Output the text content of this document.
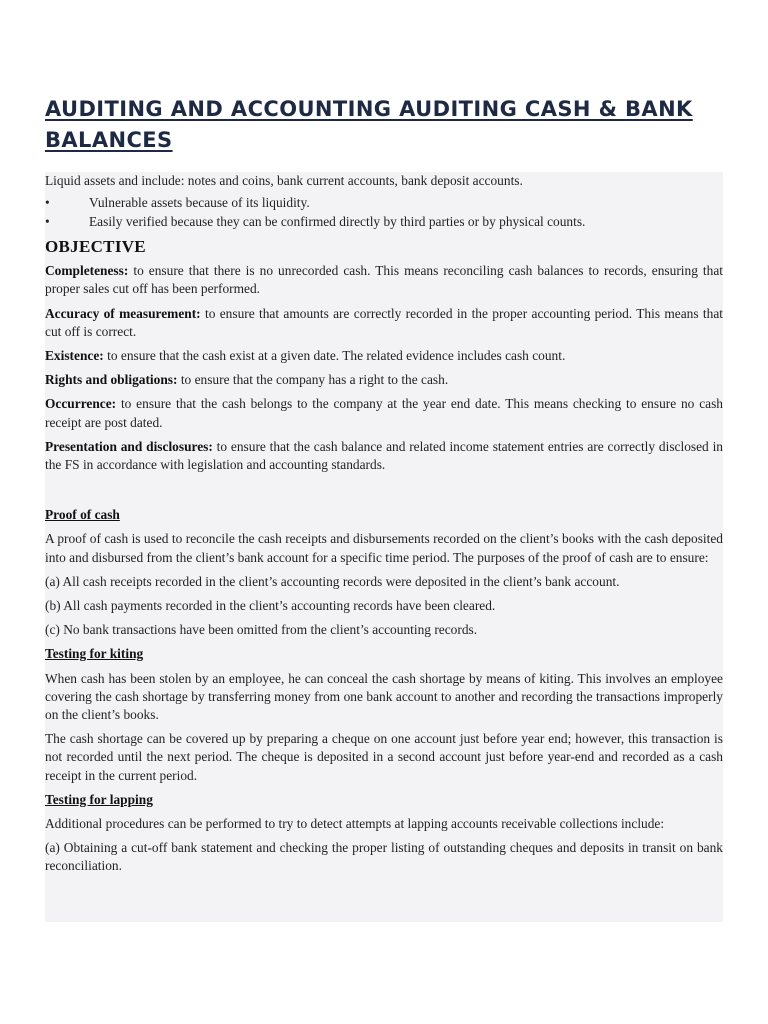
AUDITING AND ACCOUNTING AUDITING CASH & BANK BALANCES

Liquid assets and include: notes and coins, bank current accounts, bank deposit accounts.

•	Vulnerable assets because of its liquidity.
•	Easily verified because they can be confirmed directly by third parties or by physical counts.
OBJECTIVE

Completeness: to ensure that there is no unrecorded cash. This means reconciling cash balances to records, ensuring that proper sales cut off has been performed.

Accuracy of measurement: to ensure that amounts are correctly recorded in the proper accounting period. This means that cut off is correct.

Existence: to ensure that the cash exist at a given date. The related evidence includes cash count.

Rights and obligations: to ensure that the company has a right to the cash.

Occurrence: to ensure that the cash belongs to the company at the year end date. This means checking to ensure no cash receipt are post dated.

Presentation and disclosures: to ensure that the cash balance and related income statement entries are correctly disclosed in the FS in accordance with legislation and accounting standards.

Proof of cash

A proof of cash is used to reconcile the cash receipts and disbursements recorded on the client’s books with the cash deposited into and disbursed from the client’s bank account for a specific time period. The purposes of the proof of cash are to ensure:

(a) All cash receipts recorded in the client’s accounting records were deposited in the client’s bank account.

(b) All cash payments recorded in the client’s accounting records have been cleared.

(c) No bank transactions have been omitted from the client’s accounting records.

Testing for kiting

When cash has been stolen by an employee, he can conceal the cash shortage by means of kiting. This involves an employee covering the cash shortage by transferring money from one bank account to another and recording the transactions improperly on the client’s books.

The cash shortage can be covered up by preparing a cheque on one account just before year end; however, this transaction is not recorded until the next period. The cheque is deposited in a second account just before year-end and recorded as a cash receipt in the current period.

Testing for lapping

Additional procedures can be performed to try to detect attempts at lapping accounts receivable collections include:

(a) Obtaining a cut-off bank statement and checking the proper listing of outstanding cheques and deposits in transit on bank reconciliation.
